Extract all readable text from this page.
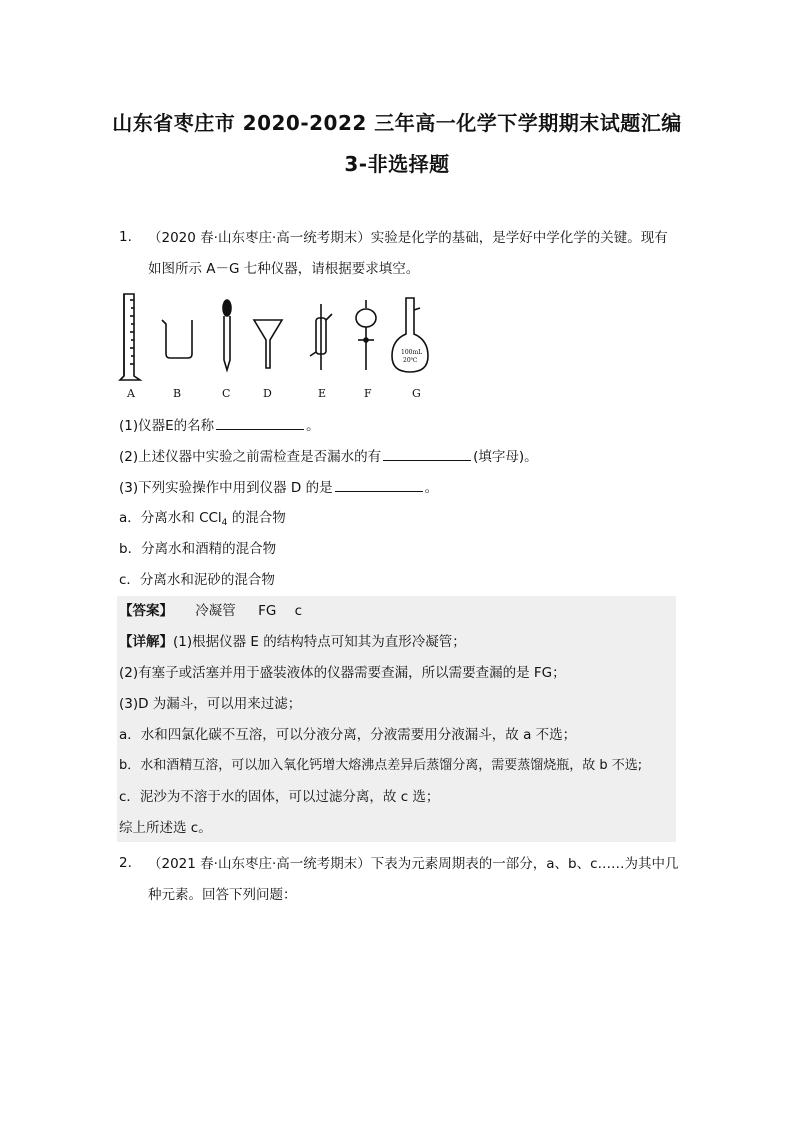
山东省枣庄市 2020-2022 三年高一化学下学期期末试题汇编
3-非选择题
1. （2020 春·山东枣庄·高一统考期末）实验是化学的基础，是学好中学化学的关键。现有
如图所示 A－G 七种仪器，请根据要求填空。
100mL
20℃
A	B	C	D	E	F	G
(1)仪器E的名称	。
(2)上述仪器中实验之前需检查是否漏水的有	(填字母)。
(3)下列实验操作中用到仪器 D 的是	。
a．分离水和 CCl$_4$ 的混合物
b．分离水和酒精的混合物
c．分离水和泥砂的混合物
【答案】 冷凝管 FG c
【详解】(1)根据仪器 E 的结构特点可知其为直形冷凝管；
(2)有塞子或活塞并用于盛装液体的仪器需要查漏，所以需要查漏的是 FG；
(3)D 为漏斗，可以用来过滤；
a．水和四氯化碳不互溶，可以分液分离，分液需要用分液漏斗，故 a 不选；
b．水和酒精互溶，可以加入氧化钙增大熔沸点差异后蒸馏分离，需要蒸馏烧瓶，故 b 不选;
c．泥沙为不溶于水的固体，可以过滤分离，故 c 选；
综上所述选 c。
2. （2021 春·山东枣庄·高一统考期末）下表为元素周期表的一部分，a、b、c……为其中几
种元素。回答下列问题：
